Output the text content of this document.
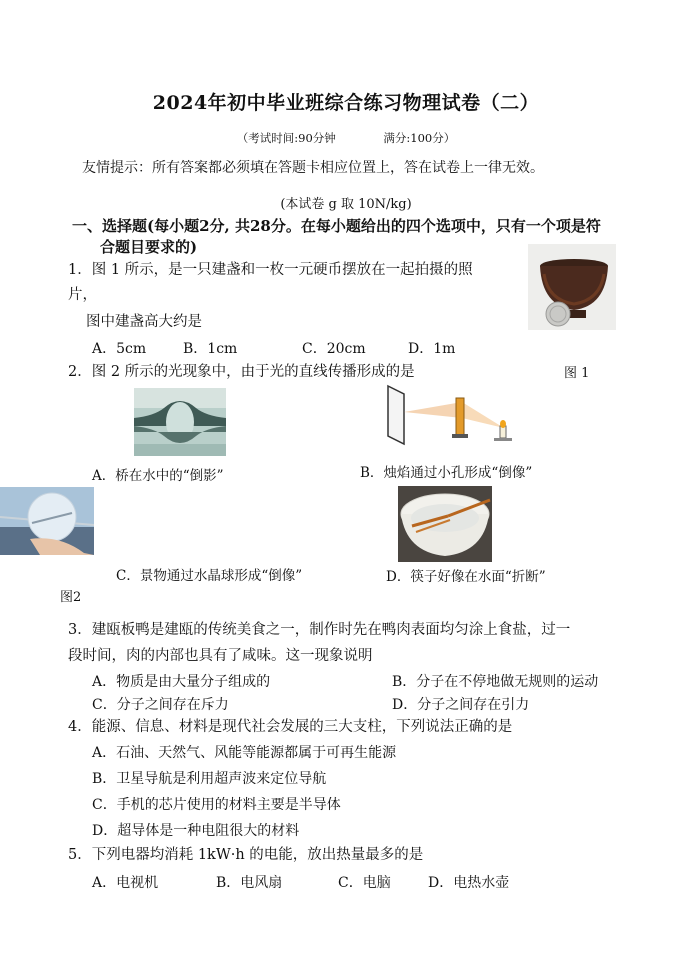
2024年初中毕业班综合练习物理试卷（二）
（考试时间:90分钟	满分:100分）
友情提示：所有答案都必须填在答题卡相应位置上，答在试卷上一律无效。
(本试卷 g 取 10N/kg)
一、选择题(每小题2分, 共28分。在每小题给出的四个选项中，只有一个项是符
合题目要求的)
1．图 1 所示，是一只建盏和一枚一元硬币摆放在一起拍摄的照
片，
图中建盏高大约是
A．5cm	B．1cm	C．20cm	D．1m
图 1
2．图 2 所示的光现象中，由于光的直线传播形成的是
A．桥在水中的“倒影”	B．烛焰通过小孔形成“倒像”
C．景物通过水晶球形成“倒像”	D．筷子好像在水面“折断”
图2
3．建瓯板鸭是建瓯的传统美食之一，制作时先在鸭肉表面均匀涂上食盐，过一
段时间，肉的内部也具有了咸味。这一现象说明
A．物质是由大量分子组成的	B．分子在不停地做无规则的运动
C．分子之间存在斥力	D．分子之间存在引力
4．能源、信息、材料是现代社会发展的三大支柱，下列说法正确的是
A．石油、天然气、风能等能源都属于可再生能源
B．卫星导航是利用超声波来定位导航
C．手机的芯片使用的材料主要是半导体
D．超导体是一种电阻很大的材料
5．下列电器均消耗 1kW·h 的电能，放出热量最多的是
A．电视机	B．电风扇	C．电脑	D．电热水壶
